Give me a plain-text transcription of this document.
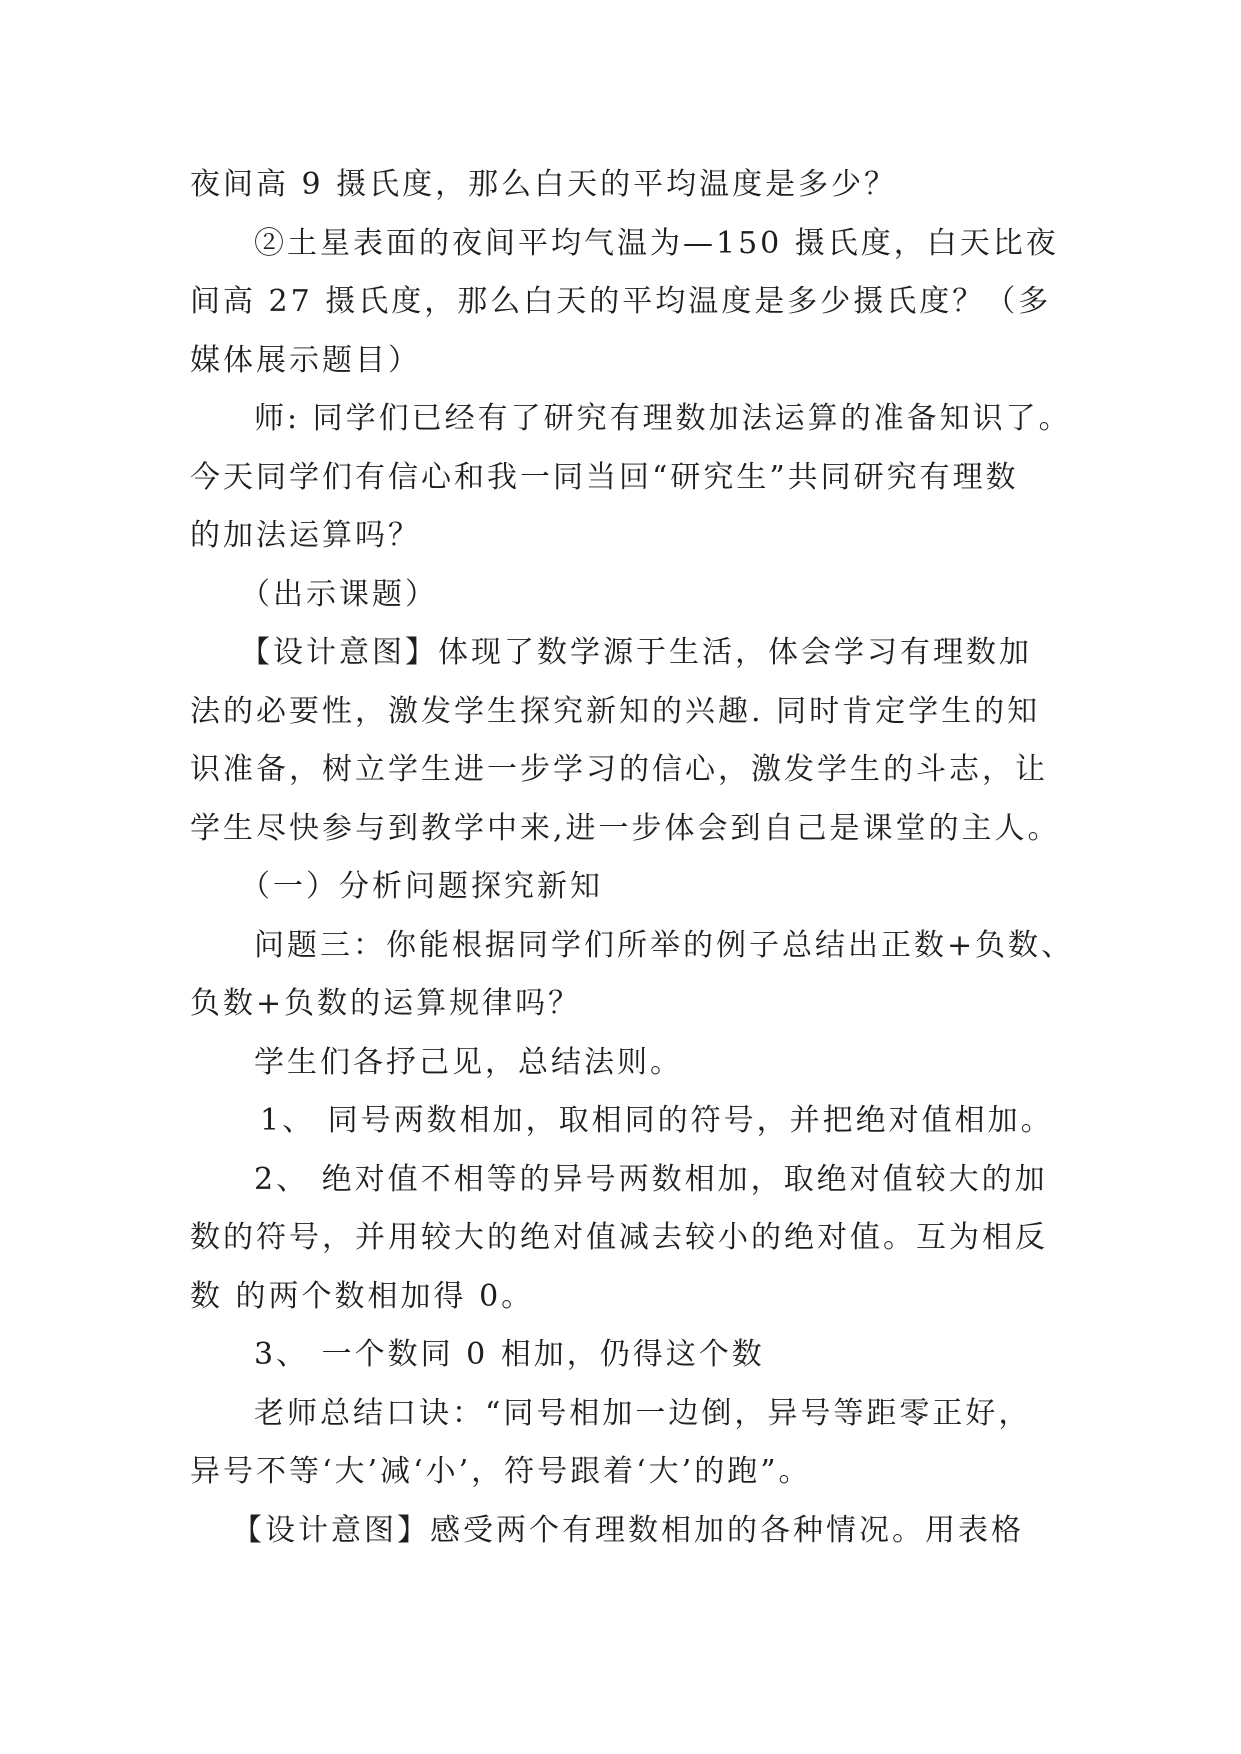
夜间高 9 摄氏度，那么白天的平均温度是多少？

②土星表面的夜间平均气温为—150 摄氏度，白天比夜

间高 27 摄氏度，那么白天的平均温度是多少摄氏度？（多

媒体展示题目）

师: 同学们已经有了研究有理数加法运算的准备知识了。

今天同学们有信心和我一同当回“研究生”共同研究有理数

的加法运算吗？

（出示课题）

【设计意图】体现了数学源于生活，体会学习有理数加

法的必要性，激发学生探究新知的兴趣. 同时肯定学生的知

识准备，树立学生进一步学习的信心，激发学生的斗志，让

学生尽快参与到教学中来,进一步体会到自己是课堂的主人。

（一）分析问题探究新知

问题三：你能根据同学们所举的例子总结出正数+负数、

负数+负数的运算规律吗？

学生们各抒己见，总结法则。

1、 同号两数相加，取相同的符号，并把绝对值相加。

2、 绝对值不相等的异号两数相加，取绝对值较大的加

数的符号，并用较大的绝对值减去较小的绝对值。互为相反

数 的两个数相加得 0。

3、 一个数同 0 相加，仍得这个数

老师总结口诀：“同号相加一边倒，异号等距零正好，

异号不等‘大’减‘小’，符号跟着‘大’的跑”。

【设计意图】感受两个有理数相加的各种情况。用表格
